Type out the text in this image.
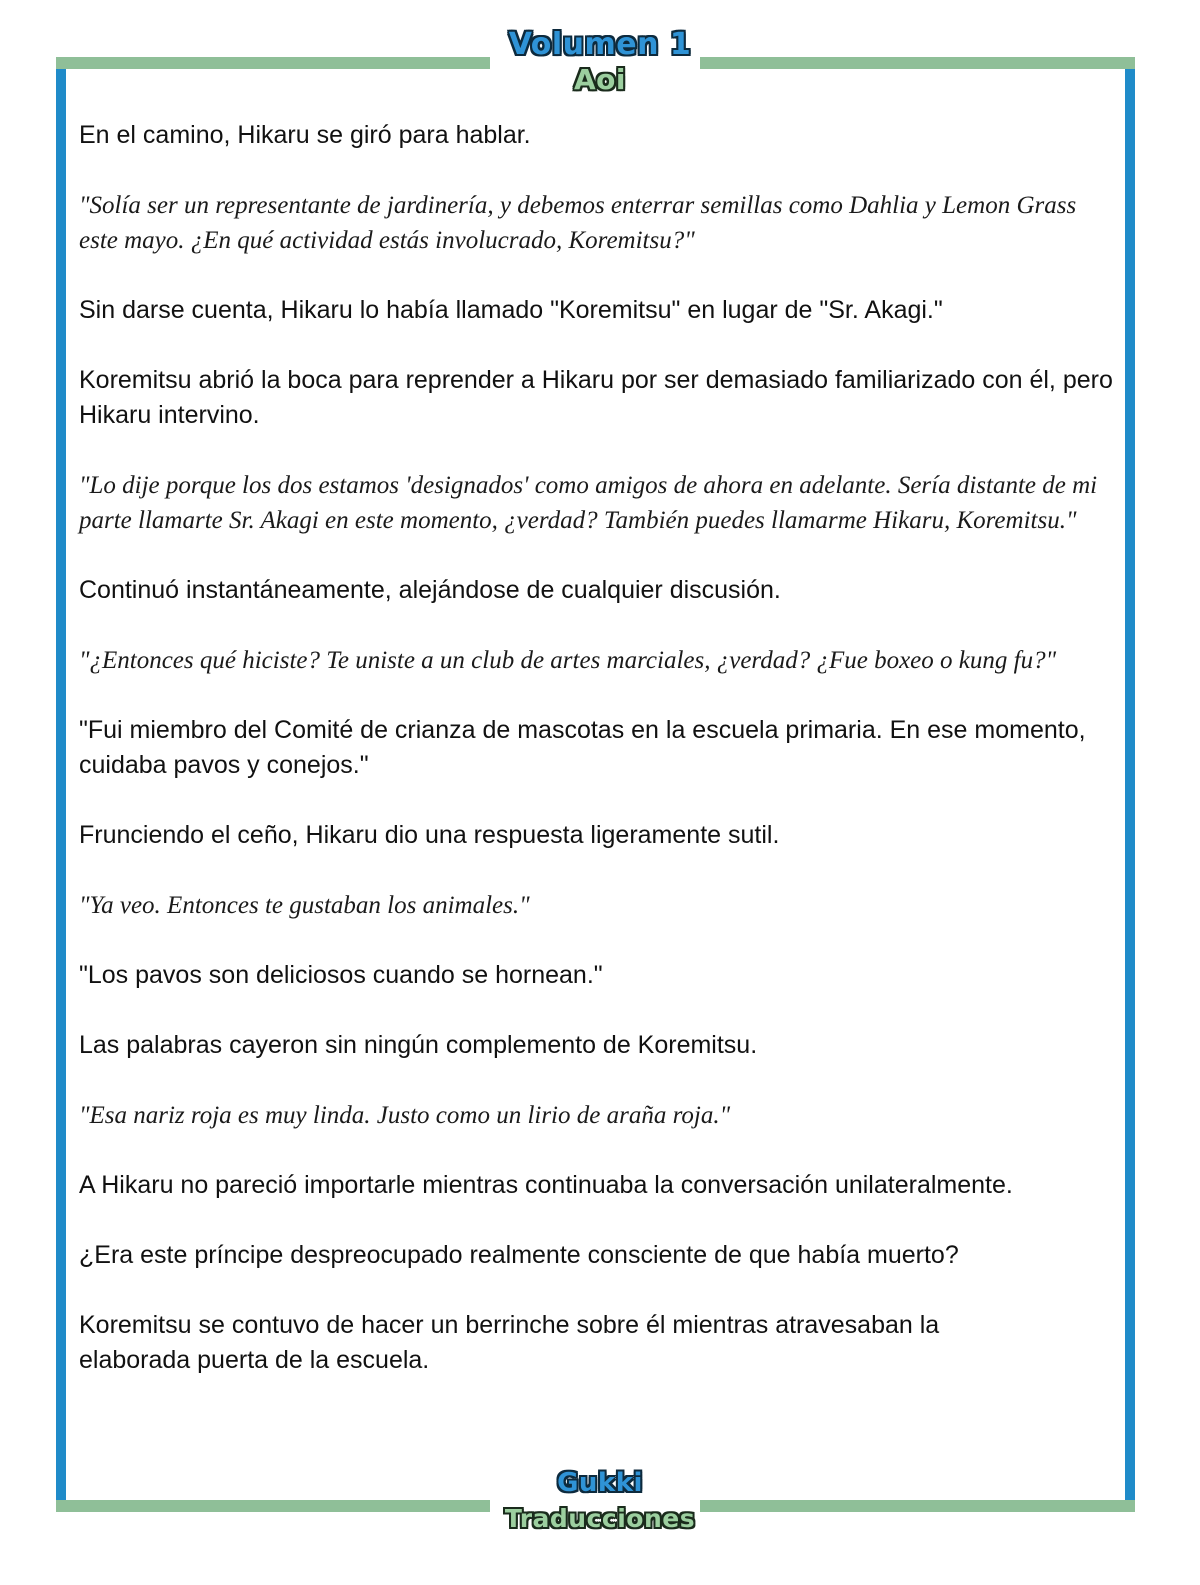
Volumen 1
Aoi

En el camino, Hikaru se giró para hablar.

"Solía ser un representante de jardinería, y debemos enterrar semillas como Dahlia y Lemon Grass este mayo. ¿En qué actividad estás involucrado, Koremitsu?"

Sin darse cuenta, Hikaru lo había llamado "Koremitsu" en lugar de "Sr. Akagi."

Koremitsu abrió la boca para reprender a Hikaru por ser demasiado familiarizado con él, pero Hikaru intervino.

"Lo dije porque los dos estamos 'designados' como amigos de ahora en adelante. Sería distante de mi parte llamarte Sr. Akagi en este momento, ¿verdad? También puedes llamarme Hikaru, Koremitsu."

Continuó instantáneamente, alejándose de cualquier discusión.

"¿Entonces qué hiciste? Te uniste a un club de artes marciales, ¿verdad? ¿Fue boxeo o kung fu?"

"Fui miembro del Comité de crianza de mascotas en la escuela primaria. En ese momento, cuidaba pavos y conejos."

Frunciendo el ceño, Hikaru dio una respuesta ligeramente sutil.

"Ya veo. Entonces te gustaban los animales."

"Los pavos son deliciosos cuando se hornean."

Las palabras cayeron sin ningún complemento de Koremitsu.

"Esa nariz roja es muy linda. Justo como un lirio de araña roja."

A Hikaru no pareció importarle mientras continuaba la conversación unilateralmente.

¿Era este príncipe despreocupado realmente consciente de que había muerto?

Koremitsu se contuvo de hacer un berrinche sobre él mientras atravesaban la elaborada puerta de la escuela.

Gukki
Traducciones
